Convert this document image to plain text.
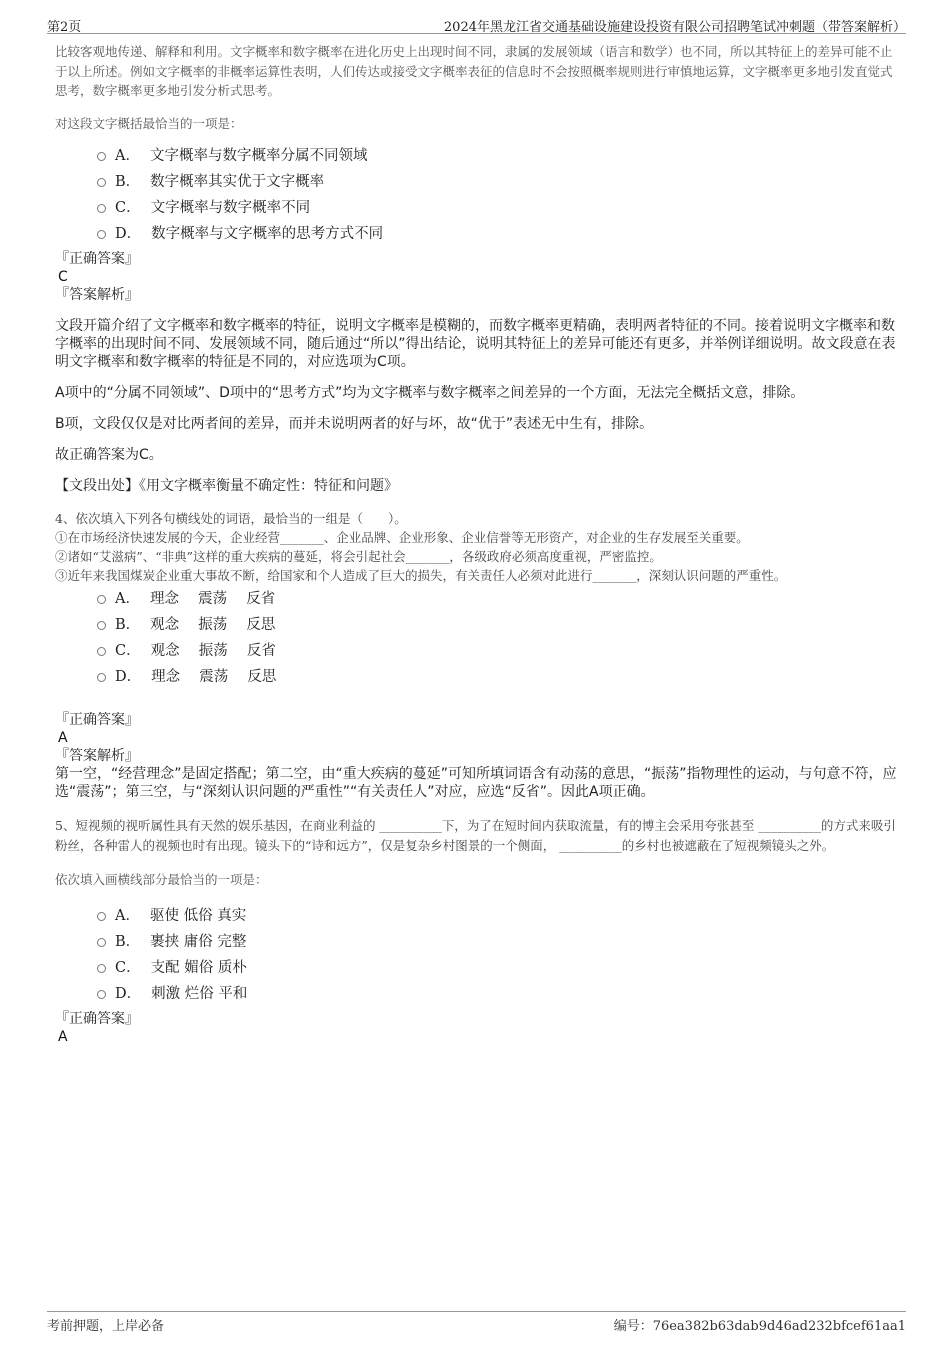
第2页	2024年黑龙江省交通基础设施建设投资有限公司招聘笔试冲刺题（带答案解析）

比较客观地传递、解释和利用。文字概率和数字概率在进化历史上出现时间不同，隶属的发展领域（语言和数学）也不同，所以其特征上的差异可能不止于以上所述。例如文字概率的非概率运算性表明，人们传达或接受文字概率表征的信息时不会按照概率规则进行审慎地运算，文字概率更多地引发直觉式思考，数字概率更多地引发分析式思考。

对这段文字概括最恰当的一项是：

A． 文字概率与数字概率分属不同领域
B． 数字概率其实优于文字概率
C． 文字概率与数字概率不同
D． 数字概率与文字概率的思考方式不同
『正确答案』
C
『答案解析』

文段开篇介绍了文字概率和数字概率的特征，说明文字概率是模糊的，而数字概率更精确，表明两者特征的不同。接着说明文字概率和数字概率的出现时间不同、发展领域不同，随后通过“所以”得出结论，说明其特征上的差异可能还有更多，并举例详细说明。故文段意在表明文字概率和数字概率的特征是不同的，对应选项为C项。

A项中的“分属不同领域”、D项中的“思考方式”均为文字概率与数字概率之间差异的一个方面，无法完全概括文意，排除。

B项，文段仅仅是对比两者间的差异，而并未说明两者的好与坏，故“优于”表述无中生有，排除。

故正确答案为C。

【文段出处】《用文字概率衡量不确定性：特征和问题》

4、依次填入下列各句横线处的词语，最恰当的一组是（　　）。

①在市场经济快速发展的今天，企业经营_______、企业品牌、企业形象、企业信誉等无形资产，对企业的生存发展至关重要。

②诸如“艾滋病”、“非典”这样的重大疾病的蔓延，将会引起社会_______，各级政府必须高度重视，严密监控。

③近年来我国煤炭企业重大事故不断，给国家和个人造成了巨大的损失，有关责任人必须对此进行_______，深刻认识问题的严重性。

A． 理念　 震荡　 反省
B． 观念　 振荡　 反思
C． 观念　 振荡　 反省
D． 理念　 震荡　 反思
『正确答案』
A
『答案解析』

第一空，“经营理念”是固定搭配；第二空，由“重大疾病的蔓延”可知所填词语含有动荡的意思，“振荡”指物理性的运动，与句意不符，应选“震荡”；第三空，与“深刻认识问题的严重性”“有关责任人”对应，应选“反省”。因此A项正确。

5、短视频的视听属性具有天然的娱乐基因，在商业利益的 __________下，为了在短时间内获取流量，有的博主会采用夸张甚至 __________的方式来吸引粉丝，各种雷人的视频也时有出现。镜头下的“诗和远方”，仅是复杂乡村图景的一个侧面， __________的乡村也被遮蔽在了短视频镜头之外。

依次填入画横线部分最恰当的一项是：

A． 驱使 低俗 真实
B． 裹挟 庸俗 完整
C． 支配 媚俗 质朴
D． 刺激 烂俗 平和
『正确答案』
A
考前押题，上岸必备	编号：76ea382b63dab9d46ad232bfcef61aa1
